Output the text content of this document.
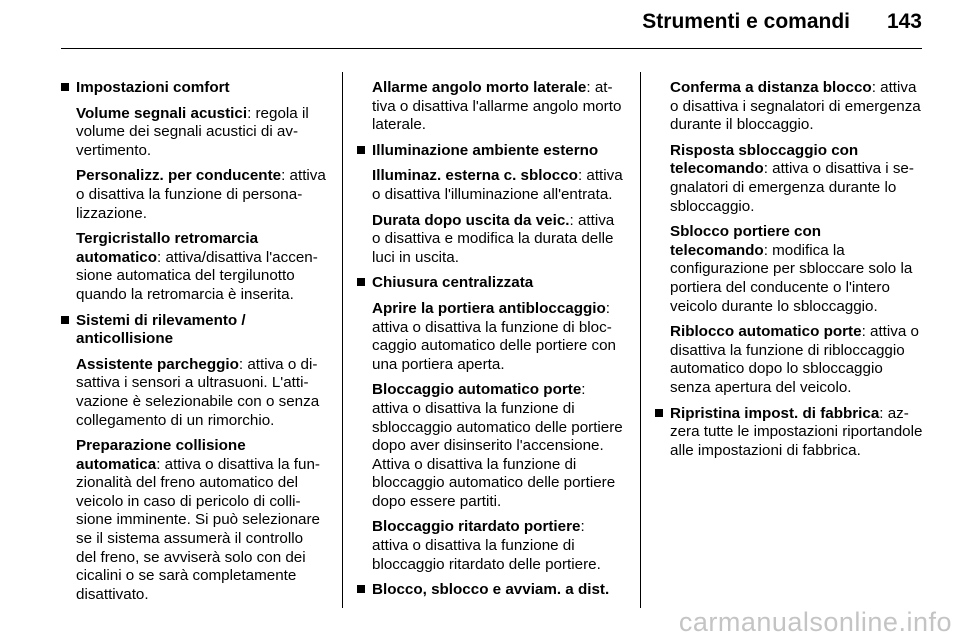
Strumenti e comandi 143
Impostazioni comfort
Volume segnali acustici: regola il volume dei segnali acustici di avvertimento.
Personalizz. per conducente: attiva o disattiva la funzione di personalizzazione.
Tergicristallo retromarcia automatico: attiva/disattiva l'accensione automatica del tergilunotto quando la retromarcia è inserita.
Sistemi di rilevamento / anticollisione
Assistente parcheggio: attiva o disattiva i sensori a ultrasuoni. L'attivazione è selezionabile con o senza collegamento di un rimorchio.
Preparazione collisione automatica: attiva o disattiva la funzionalità del freno automatico del veicolo in caso di pericolo di collisione imminente. Si può selezionare se il sistema assumerà il controllo del freno, se avviserà solo con dei cicalini o se sarà completamente disattivato.
Allarme angolo morto laterale: attiva o disattiva l'allarme angolo morto laterale.
Illuminazione ambiente esterno
Illuminaz. esterna c. sblocco: attiva o disattiva l'illuminazione all'entrata.
Durata dopo uscita da veic.: attiva o disattiva e modifica la durata delle luci in uscita.
Chiusura centralizzata
Aprire la portiera antibloccaggio: attiva o disattiva la funzione di bloccaggio automatico delle portiere con una portiera aperta.
Bloccaggio automatico porte: attiva o disattiva la funzione di sbloccaggio automatico delle portiere dopo aver disinserito l'accensione. Attiva o disattiva la funzione di bloccaggio automatico delle portiere dopo essere partiti.
Bloccaggio ritardato portiere: attiva o disattiva la funzione di bloccaggio ritardato delle portiere.
Blocco, sblocco e avviam. a dist.
Conferma a distanza blocco: attiva o disattiva i segnalatori di emergenza durante il bloccaggio.
Risposta sbloccaggio con telecomando: attiva o disattiva i segnalatori di emergenza durante lo sbloccaggio.
Sblocco portiere con telecomando: modifica la configurazione per sbloccare solo la portiera del conducente o l'intero veicolo durante lo sbloccaggio.
Riblocco automatico porte: attiva o disattiva la funzione di ribloccaggio automatico dopo lo sbloccaggio senza apertura del veicolo.
Ripristina impost. di fabbrica: azzera tutte le impostazioni riportandole alle impostazioni di fabbrica.
carmanualsonline.info
